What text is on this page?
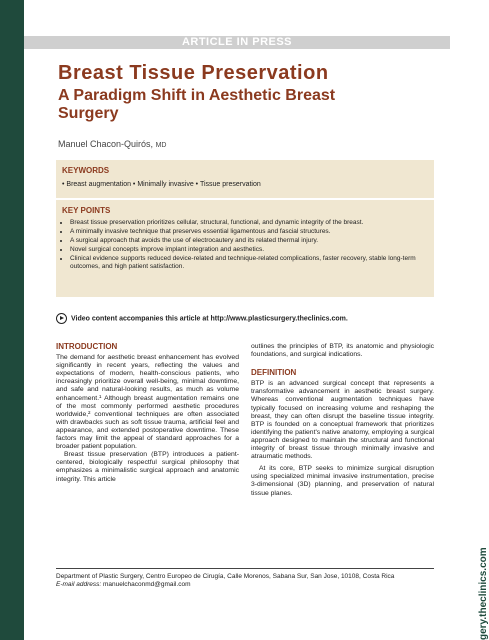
ARTICLE IN PRESS
Breast Tissue Preservation
A Paradigm Shift in Aesthetic Breast
Surgery
Manuel Chacon-Quirós, MD
KEYWORDS
• Breast augmentation • Minimally invasive • Tissue preservation
KEY POINTS
• Breast tissue preservation prioritizes cellular, structural, functional, and dynamic integrity of the breast.
• A minimally invasive technique that preserves essential ligamentous and fascial structures.
• A surgical approach that avoids the use of electrocautery and its related thermal injury.
• Novel surgical concepts improve implant integration and aesthetics.
• Clinical evidence supports reduced device-related and technique-related complications, faster recovery, stable long-term outcomes, and high patient satisfaction.
Video content accompanies this article at http://www.plasticsurgery.theclinics.com.
INTRODUCTION

The demand for aesthetic breast enhancement has evolved significantly in recent years, reflecting the values and expectations of modern, health-conscious patients, who increasingly prioritize overall well-being, minimal downtime, and safe and natural-looking results, as much as volume enhancement.¹ Although breast augmentation remains one of the most commonly performed aesthetic procedures worldwide,² conventional techniques are often associated with drawbacks such as soft tissue trauma, artificial feel and appearance, and extended postoperative downtime. These factors may limit the appeal of standard approaches for a broader patient population.

Breast tissue preservation (BTP) introduces a patient-centered, biologically respectful surgical philosophy that emphasizes a minimalistic surgical approach and anatomic integrity. This article

outlines the principles of BTP, its anatomic and physiologic foundations, and surgical indications.

DEFINITION

BTP is an advanced surgical concept that represents a transformative advancement in aesthetic breast surgery. Whereas conventional augmentation techniques have typically focused on increasing volume and reshaping the breast, they can often disrupt the baseline tissue integrity. BTP is founded on a conceptual framework that prioritizes identifying the patient's native anatomy, employing a surgical approach designed to maintain the structural and functional integrity of breast tissue through minimally invasive and atraumatic methods.

At its core, BTP seeks to minimize surgical disruption using specialized minimal invasive instrumentation, precise 3-dimensional (3D) planning, and preservation of natural tissue planes.

Department of Plastic Surgery, Centro Europeo de Cirugía, Calle Morenos, Sabana Sur, San Jose, 10108, Costa Rica
E-mail address: manuelchaconmd@gmail.com	gery.theclinics.com
